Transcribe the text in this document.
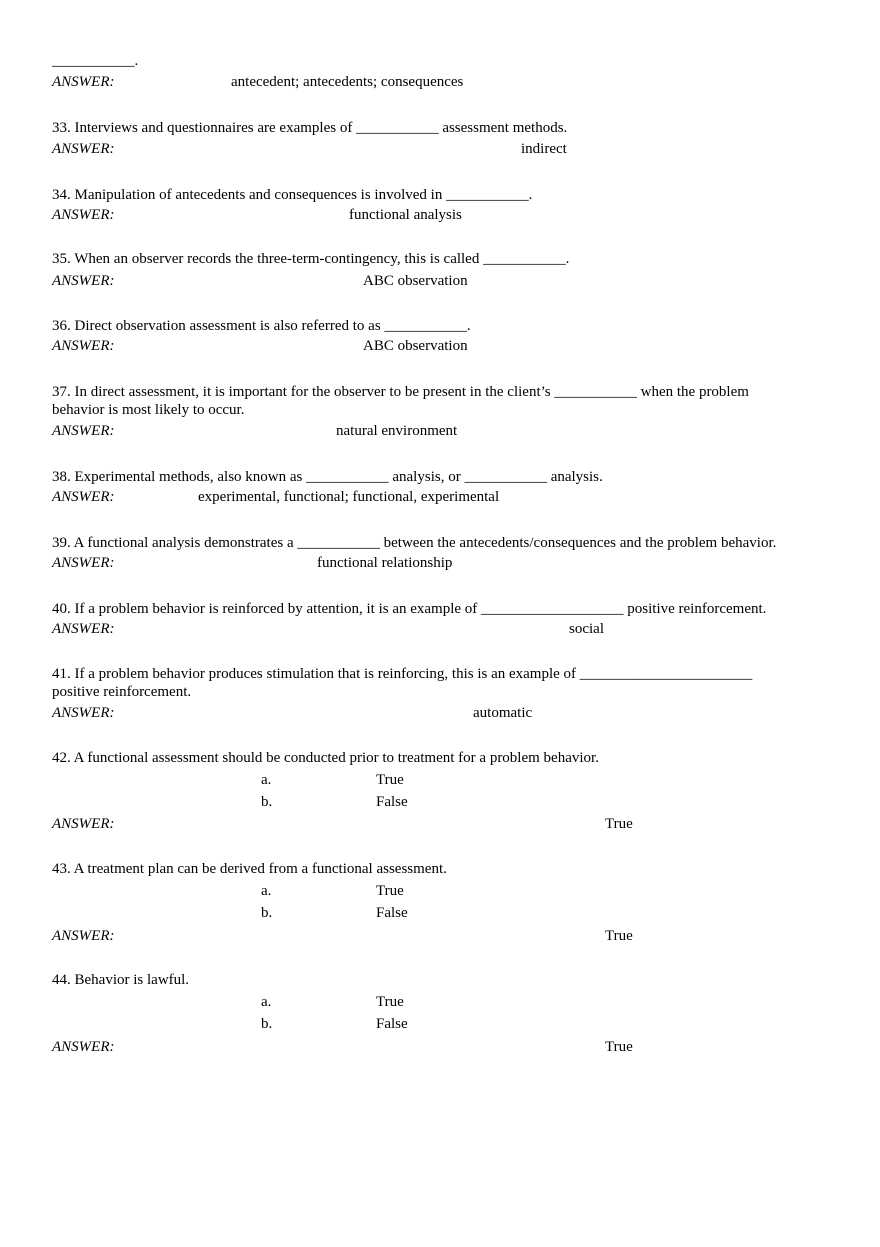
___________.
ANSWER:	antecedent; antecedents; consequences
33. Interviews and questionnaires are examples of ___________ assessment methods.
ANSWER:	indirect
34. Manipulation of antecedents and consequences is involved in ___________.
ANSWER:	functional analysis
35. When an observer records the three-term-contingency, this is called ___________.
ANSWER:	ABC observation
36. Direct observation assessment is also referred to as ___________.
ANSWER:	ABC observation
37. In direct assessment, it is important for the observer to be present in the client’s ___________ when the problem
behavior is most likely to occur.
ANSWER:	natural environment
38. Experimental methods, also known as ___________ analysis, or ___________ analysis.
ANSWER:	experimental, functional; functional, experimental
39. A functional analysis demonstrates a ___________ between the antecedents/consequences and the problem behavior.
ANSWER:	functional relationship
40. If a problem behavior is reinforced by attention, it is an example of ___________________ positive reinforcement.
ANSWER:	social
41. If a problem behavior produces stimulation that is reinforcing, this is an example of _______________________
positive reinforcement.
ANSWER:	automatic
42. A functional assessment should be conducted prior to treatment for a problem behavior.
a.	True
b.	False
ANSWER:	True
43. A treatment plan can be derived from a functional assessment.
a.	True
b.	False
ANSWER:	True
44. Behavior is lawful.
a.	True
b.	False
ANSWER:	True
